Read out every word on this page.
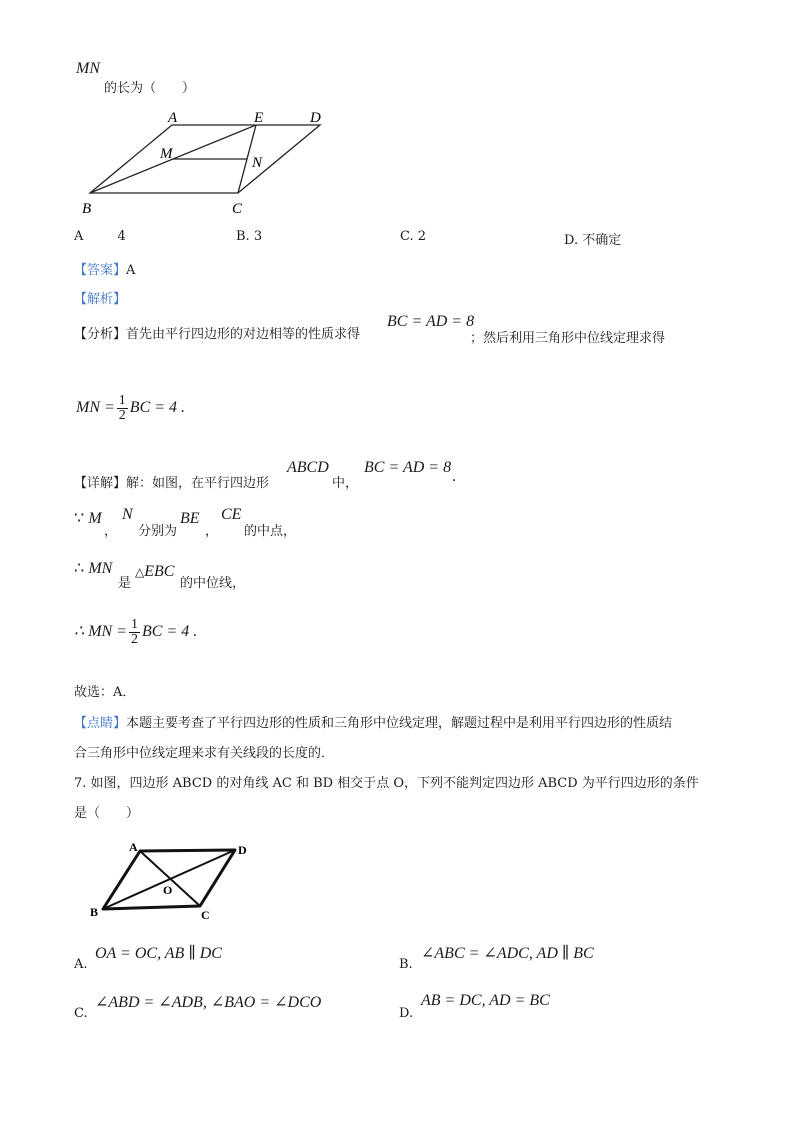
MN
的长为（　　）
A	E	D
M
N
B	C
A	4	B. 3	C. 2	D. 不确定
【答案】A
【解析】
【分析】首先由平行四边形的对边相等的性质求得
BC = AD = 8
；然后利用三角形中位线定理求得
MN = $\frac{1}{2}$ BC = 4 .
【详解】解：如图，在平行四边形
ABCD
中，
BC = AD = 8
.
∵ M
，
N
分别为
BE
，
CE
的中点，
∴ MN
是
△EBC
的中位线，
∴ MN = $\frac{1}{2}$ BC = 4 .
故选：A．
【点睛】本题主要考查了平行四边形的性质和三角形中位线定理，解题过程中是利用平行四边形的性质结
合三角形中位线定理来求有关线段的长度的．
7. 如图，四边形 ABCD 的对角线 AC 和 BD 相交于点 O，下列不能判定四边形 ABCD 为平行四边形的条件
是（　　）
A	D
O
B	C
A.
OA = OC, AB ∥ DC
B.
∠ABC = ∠ADC, AD ∥ BC
C.
∠ABD = ∠ADB, ∠BAO = ∠DCO
D.
AB = DC, AD = BC
